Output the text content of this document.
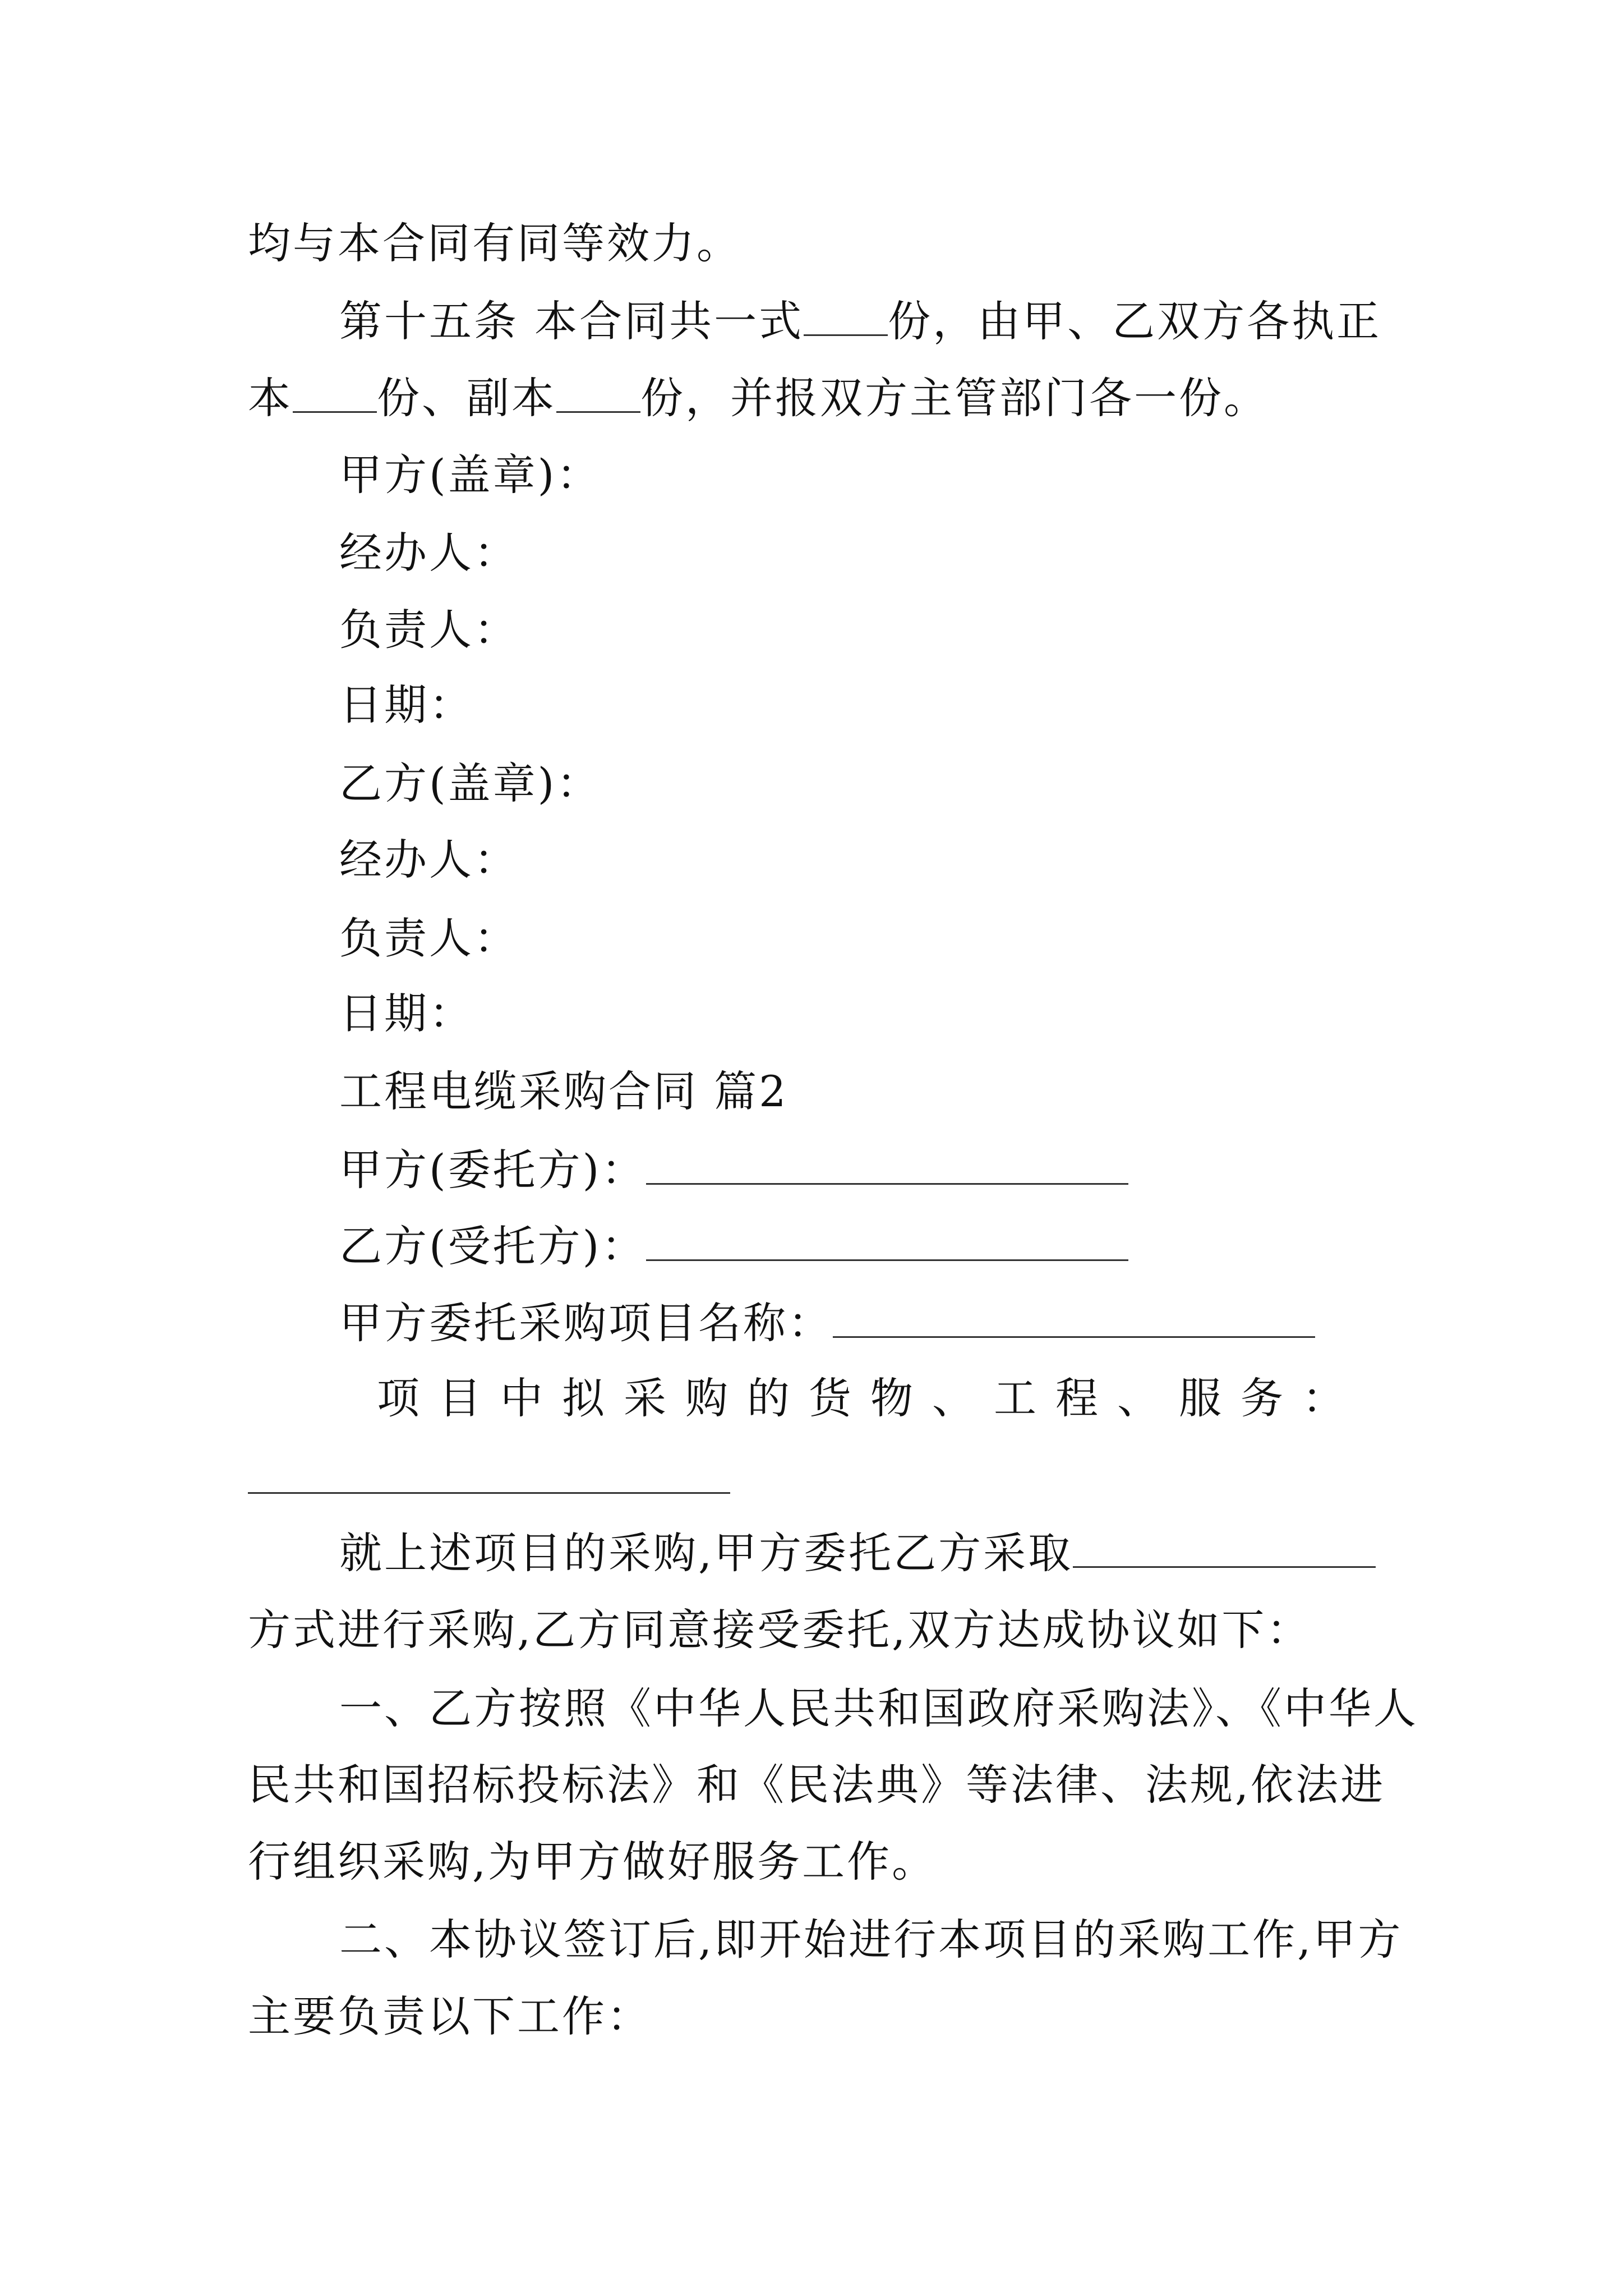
均与本合同有同等效力。
第十五条 本合同共一式 份，由甲、乙双方各执正
本 份、副本 份，并报双方主管部门各一份。
甲方(盖章)：
经办人：
负责人：
日期：
乙方(盖章)：
经办人：
负责人：
日期：
工程电缆采购合同 篇2
甲方(委托方)：
乙方(受托方)：
甲方委托采购项目名称：
项目中拟采购的货物、工程、服务：
就上述项目的采购,甲方委托乙方采取
方式进行采购,乙方同意接受委托,双方达成协议如下：
一、乙方按照《中华人民共和国政府采购法》、《中华人
民共和国招标投标法》和《民法典》等法律、法规,依法进
行组织采购,为甲方做好服务工作。
二、本协议签订后,即开始进行本项目的采购工作,甲方
主要负责以下工作：
